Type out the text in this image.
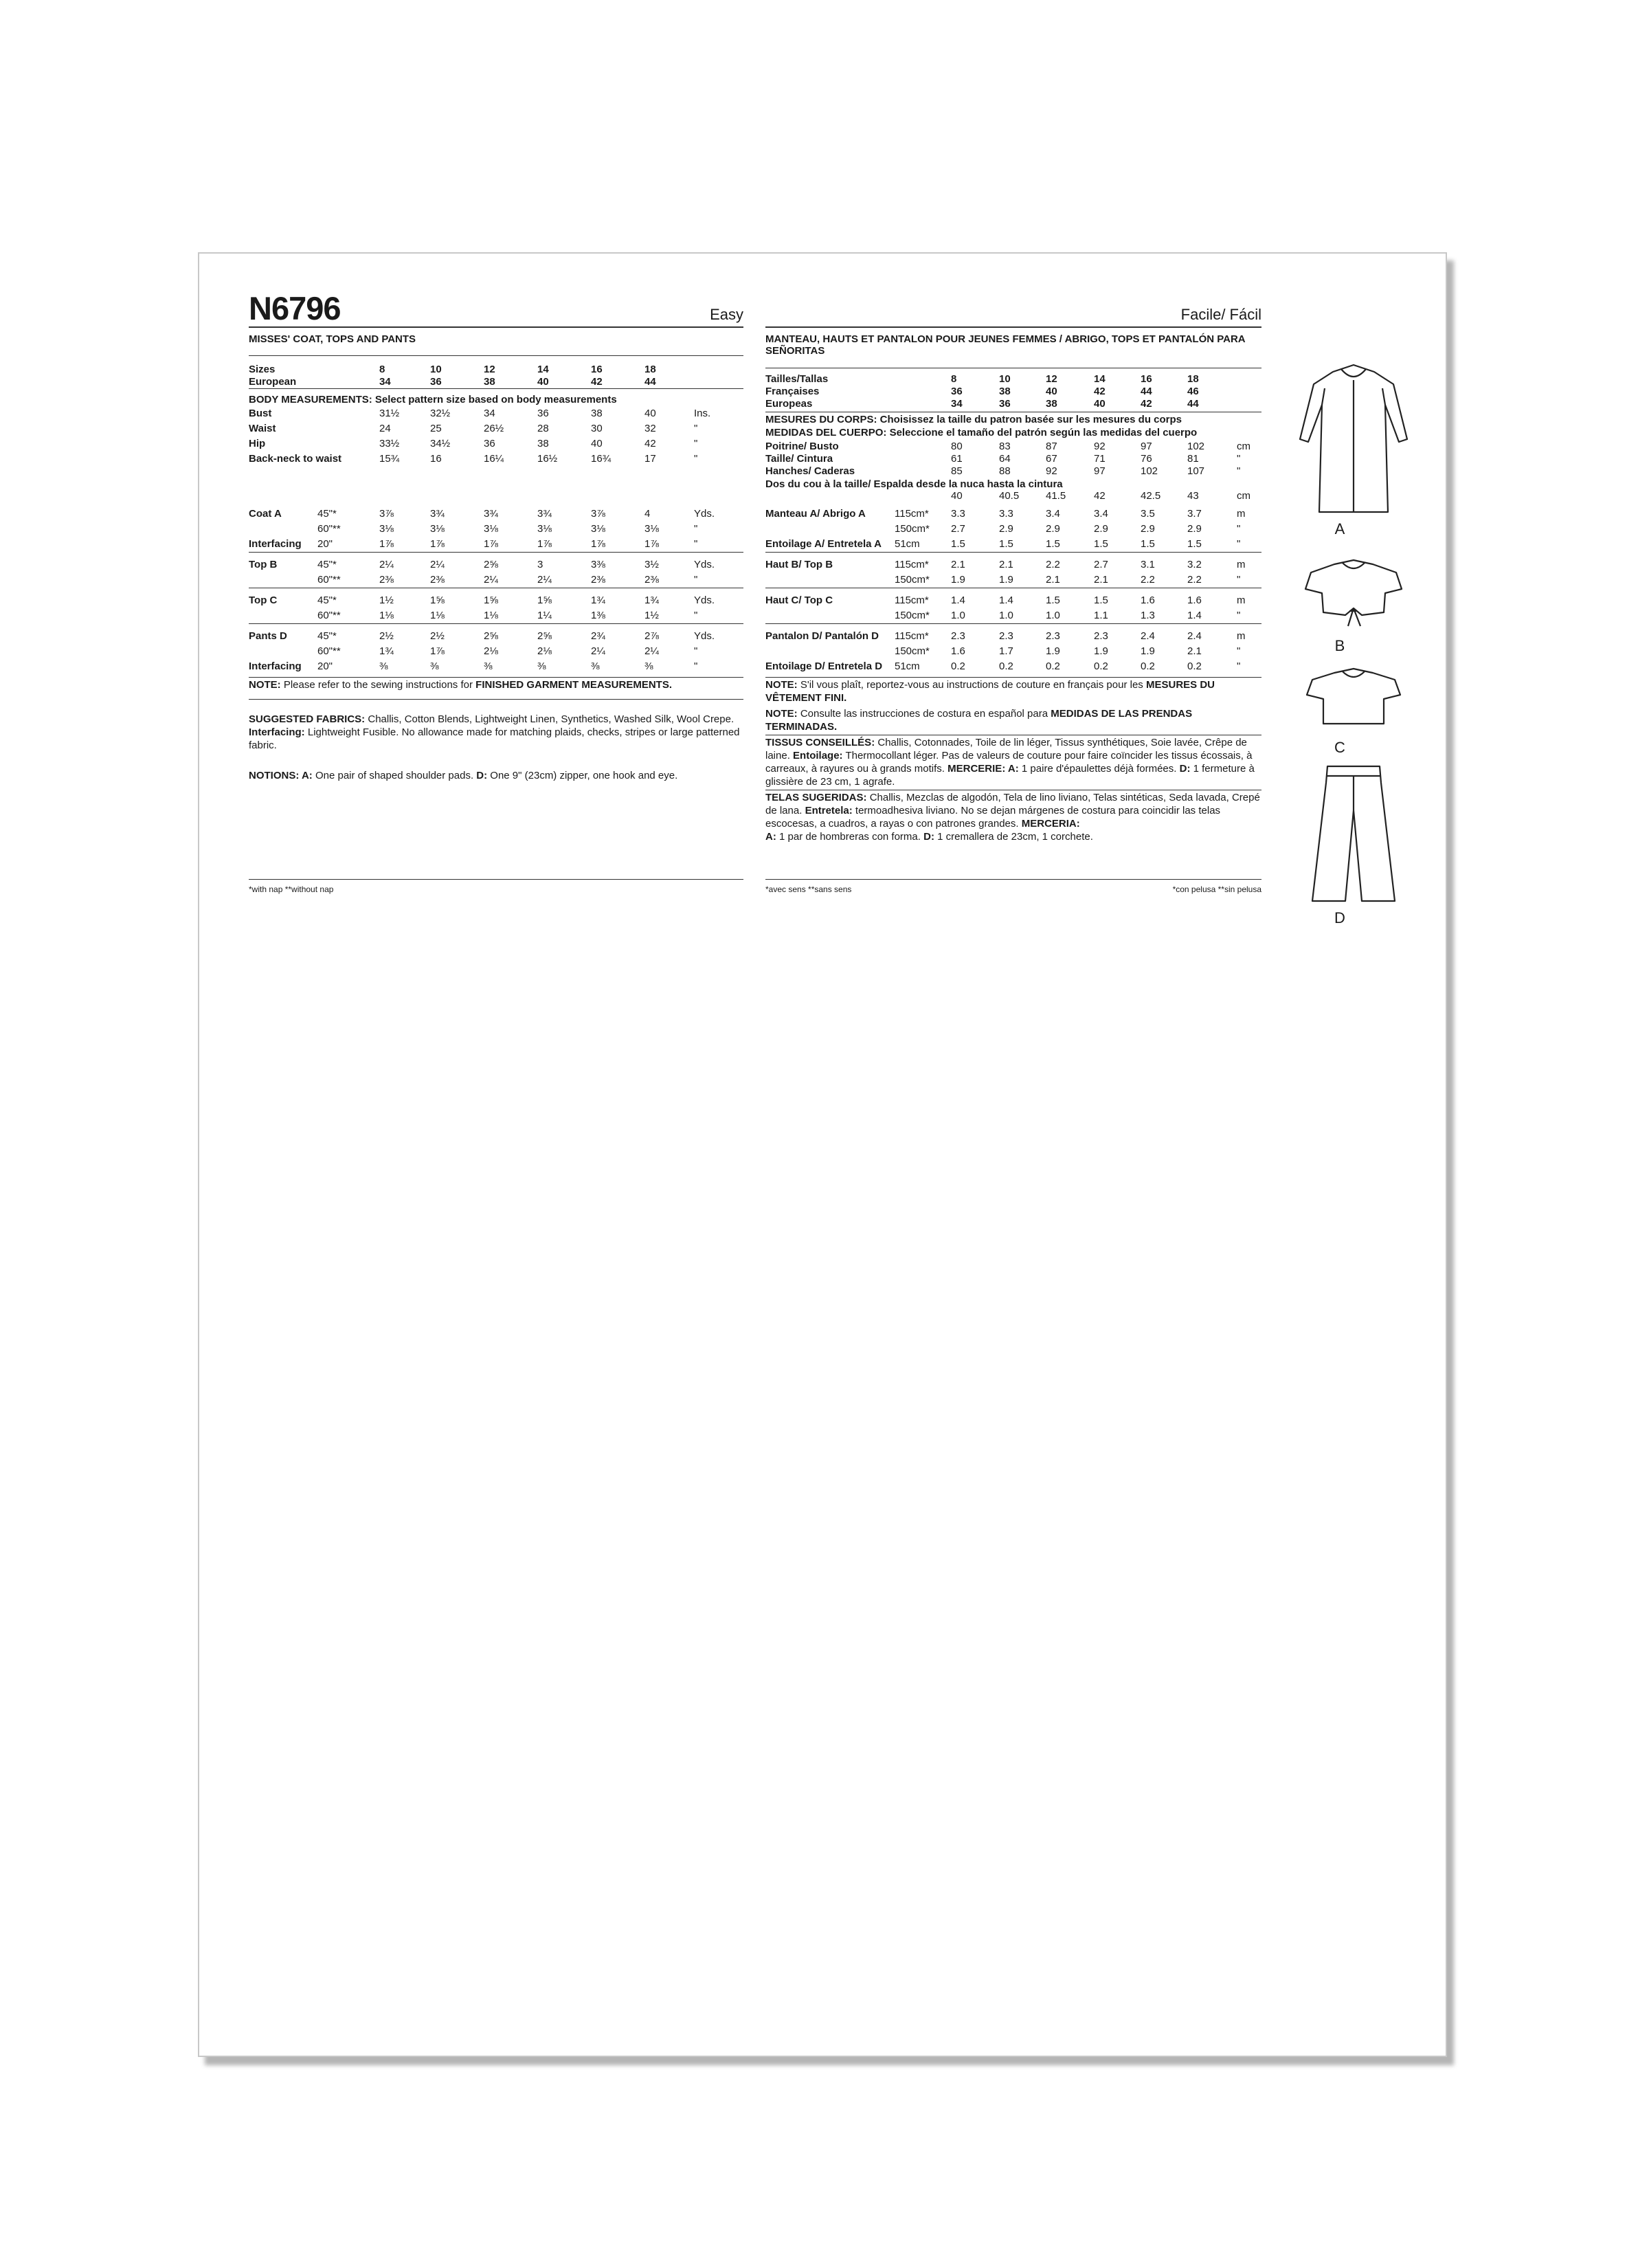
N6796	Easy
MISSES' COAT, TOPS AND PANTS
Sizes	8	10	12	14	16	18
European	34	36	38	40	42	44
BODY MEASUREMENTS: Select pattern size based on body measurements
Bust	31½	32½	34	36	38	40	Ins.
Waist	24	25	26½	28	30	32	"
Hip	33½	34½	36	38	40	42	"
Back-neck to waist	15¾	16	16¼	16½	16¾	17	"
Coat A	45"*	3⅞	3¾	3¾	3¾	3⅞	4	Yds.
60"**	3⅛	3⅛	3⅛	3⅛	3⅛	3⅛	"
Interfacing 20"	1⅞	1⅞	1⅞	1⅞	1⅞	1⅞	"
Top B	45"*	2¼	2¼	2⅝	3	3⅜	3½	Yds.
60"**	2⅜	2⅜	2¼	2¼	2⅜	2⅜	"
Top C	45"*	1½	1⅝	1⅝	1⅝	1¾	1¾	Yds.
60"**	1⅛	1⅛	1⅛	1¼	1⅜	1½	"
Pants D	45"*	2½	2½	2⅝	2⅝	2¾	2⅞	Yds.
60"**	1¾	1⅞	2⅛	2⅛	2¼	2¼	"
Interfacing 20"	⅜	⅜	⅜	⅜	⅜	⅜	"
NOTE: Please refer to the sewing instructions for FINISHED GARMENT MEASUREMENTS.
SUGGESTED FABRICS: Challis, Cotton Blends, Lightweight Linen, Synthetics, Washed Silk, Wool Crepe. Interfacing: Lightweight Fusible. No allowance made for matching plaids, checks, stripes or large patterned fabric.
NOTIONS: A: One pair of shaped shoulder pads. D: One 9" (23cm) zipper, one hook and eye.
*with nap **without nap
Facile/ Fácil
MANTEAU, HAUTS ET PANTALON POUR JEUNES FEMMES / ABRIGO, TOPS ET PANTALÓN PARA SEÑORITAS
Tailles/Tallas	8	10	12	14	16	18
Françaises	36	38	40	42	44	46
Europeas	34	36	38	40	42	44
MESURES DU CORPS: Choisissez la taille du patron basée sur les mesures du corps
MEDIDAS DEL CUERPO: Seleccione el tamaño del patrón según las medidas del cuerpo
Poitrine/ Busto	80	83	87	92	97	102	cm
Taille/ Cintura	61	64	67	71	76	81	"
Hanches/ Caderas	85	88	92	97	102	107	"
Dos du cou à la taille/ Espalda desde la nuca hasta la cintura
40	40.5	41.5	42	42.5	43	cm
Manteau A/ Abrigo A	115cm* 3.3	3.3	3.4	3.4	3.5	3.7	m
150cm* 2.7	2.9	2.9	2.9	2.9	2.9	"
Entoilage A/ Entretela A 51cm	1.5	1.5	1.5	1.5	1.5	1.5	"
Haut B/ Top B	115cm* 2.1	2.1	2.2	2.7	3.1	3.2	m
150cm* 1.9	1.9	2.1	2.1	2.2	2.2	"
Haut C/ Top C	115cm* 1.4	1.4	1.5	1.5	1.6	1.6	m
150cm* 1.0	1.0	1.0	1.1	1.3	1.4	"
Pantalon D/ Pantalón D 115cm* 2.3	2.3	2.3	2.3	2.4	2.4	m
150cm* 1.6	1.7	1.9	1.9	1.9	2.1	"
Entoilage D/ Entretela D 51cm	0.2	0.2	0.2	0.2	0.2	0.2	"
NOTE: S'il vous plaît, reportez-vous au instructions de couture en français pour les MESURES DU VÊTEMENT FINI.
NOTE: Consulte las instrucciones de costura en español para MEDIDAS DE LAS PRENDAS TERMINADAS.
TISSUS CONSEILLÉS: Challis, Cotonnades, Toile de lin léger, Tissus synthétiques, Soie lavée, Crêpe de laine. Entoilage: Thermocollant léger. Pas de valeurs de couture pour faire coïncider les tissus écossais, à carreaux, à rayures ou à grands motifs. MERCERIE: A: 1 paire d'épaulettes déjà formées. D: 1 fermeture à glissière de 23 cm, 1 agrafe.
TELAS SUGERIDAS: Challis, Mezclas de algodón, Tela de lino liviano, Telas sintéticas, Seda lavada, Crepé de lana. Entretela: termoadhesiva liviano. No se dejan márgenes de costura para coincidir las telas escocesas, a cuadros, a rayas o con patrones grandes. MERCERIA:
A: 1 par de hombreras con forma. D: 1 cremallera de 23cm, 1 corchete.
*avec sens **sans sens	*con pelusa **sin pelusa
A
B
C
D
